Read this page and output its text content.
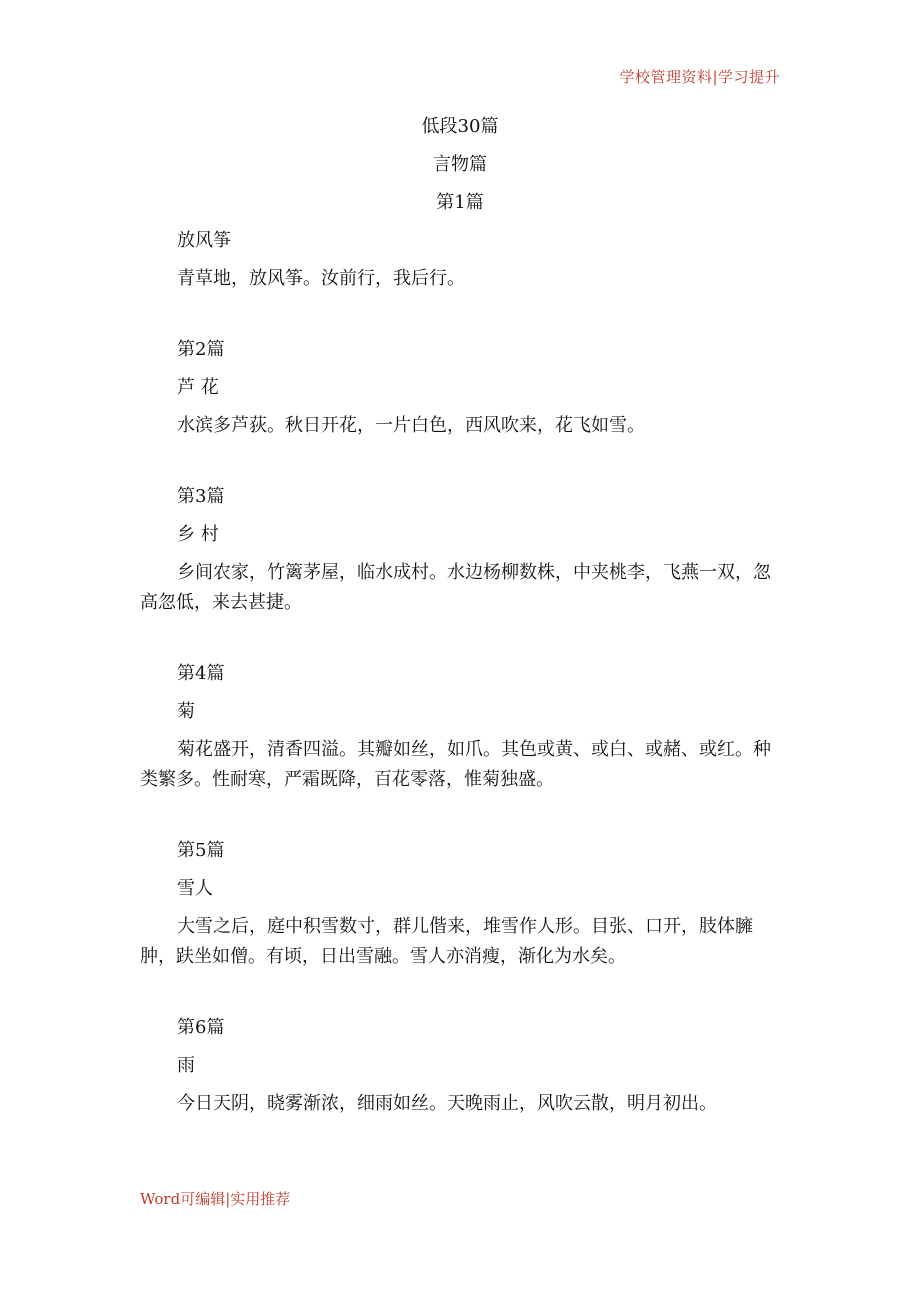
学校管理资料|学习提升
低段30篇
言物篇
第1篇
放风筝
青草地，放风筝。汝前行，我后行。
第2篇
芦 花
水滨多芦荻。秋日开花，一片白色，西风吹来，花飞如雪。
第3篇
乡 村
乡间农家，竹篱茅屋，临水成村。水边杨柳数株，中夹桃李，飞燕一双，忽高忽低，来去甚捷。
第4篇
菊
菊花盛开，清香四溢。其瓣如丝，如爪。其色或黄、或白、或赭、或红。种类繁多。性耐寒，严霜既降，百花零落，惟菊独盛。
第5篇
雪人
大雪之后，庭中积雪数寸，群儿偕来，堆雪作人形。目张、口开，肢体臃肿，趺坐如僧。有顷，日出雪融。雪人亦消瘦，渐化为水矣。
第6篇
雨
今日天阴，晓雾渐浓，细雨如丝。天晚雨止，风吹云散，明月初出。
Word可编辑|实用推荐
